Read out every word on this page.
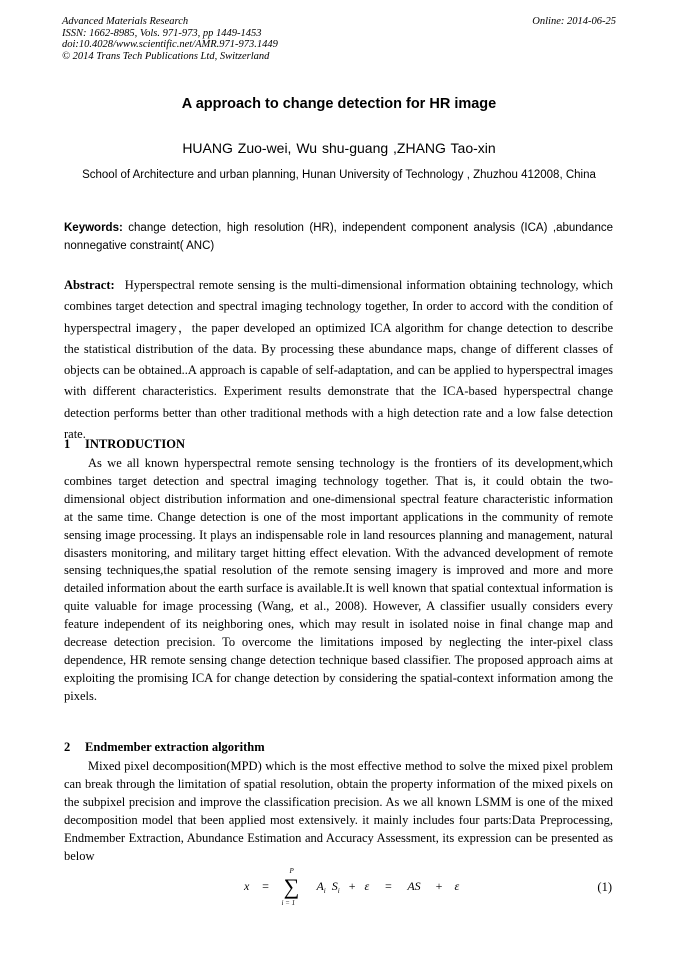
Advanced Materials Research
ISSN: 1662-8985, Vols. 971-973, pp 1449-1453
doi:10.4028/www.scientific.net/AMR.971-973.1449
© 2014 Trans Tech Publications Ltd, Switzerland
Online: 2014-06-25
A approach to change detection for HR image
HUANG Zuo-wei, Wu shu-guang ,ZHANG Tao-xin
School of Architecture and urban planning, Hunan University of Technology , Zhuzhou 412008, China
Keywords: change detection, high resolution (HR), independent component analysis (ICA) ,abundance nonnegative constraint( ANC)
Abstract: Hyperspectral remote sensing is the multi-dimensional information obtaining technology, which combines target detection and spectral imaging technology together, In order to accord with the condition of hyperspectral imagery，the paper developed an optimized ICA algorithm for change detection to describe the statistical distribution of the data. By processing these abundance maps, change of different classes of objects can be obtained..A approach is capable of self-adaptation, and can be applied to hyperspectral images with different characteristics. Experiment results demonstrate that the ICA-based hyperspectral change detection performs better than other traditional methods with a high detection rate and a low false detection rate.
1 INTRODUCTION
As we all known hyperspectral remote sensing technology is the frontiers of its development,which combines target detection and spectral imaging technology together. That is, it could obtain the two-dimensional object distribution information and one-dimensional spectral feature characteristic information at the same time. Change detection is one of the most important applications in the community of remote sensing image processing. It plays an indispensable role in land resources planning and management, natural disasters monitoring, and military target hitting effect elevation. With the advanced development of remote sensing techniques,the spatial resolution of the remote sensing imagery is improved and more and more detailed information about the earth surface is available.It is well known that spatial contextual information is quite valuable for image processing (Wang, et al., 2008). However, A classifier usually considers every feature independent of its neighboring ones, which may result in isolated noise in final change map and decrease detection precision. To overcome the limitations imposed by neglecting the inter-pixel class dependence, HR remote sensing change detection technique based classifier. The proposed approach aims at exploiting the promising ICA for change detection by considering the spatial-context information among the pixels.
2 Endmember extraction algorithm
Mixed pixel decomposition(MPD) which is the most effective method to solve the mixed pixel problem can break through the limitation of spatial resolution, obtain the property information of the mixed pixels on the subpixel precision and improve the classification precision. As we all known LSMM is one of the mixed decomposition model that been applied most extensively. it mainly includes four parts:Data Preprocessing, Endmember Extraction, Abundance Estimation and Accuracy Assessment, its expression can be presented as below
x =
P
∑
i = 1
$A_i$ $S_i + \varepsilon$ = AS + ε	(1)
